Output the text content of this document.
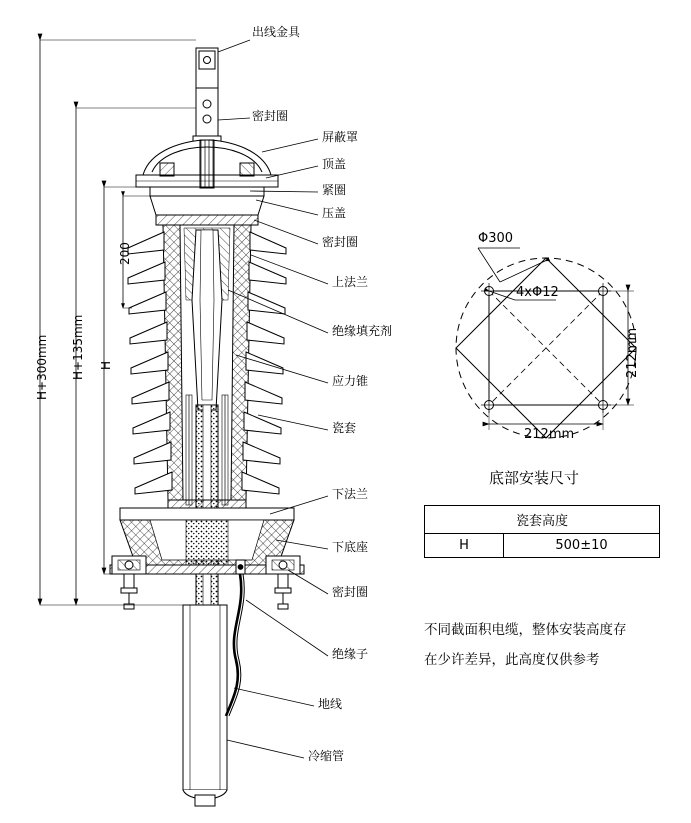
出线金具
密封圈
屏蔽罩
顶盖
紧圈
压盖
密封圈
上法兰
绝缘填充剂
应力锥
瓷套
下法兰
下底座
密封圈
绝缘子
地线
冷缩管
H+300mm H+135mm H
200
Φ300
4xΦ12
212mm
212mm
底部安装尺寸
瓷套高度
H	500±10
不同截面积电缆，整体安装高度存
在少许差异，此高度仅供参考
